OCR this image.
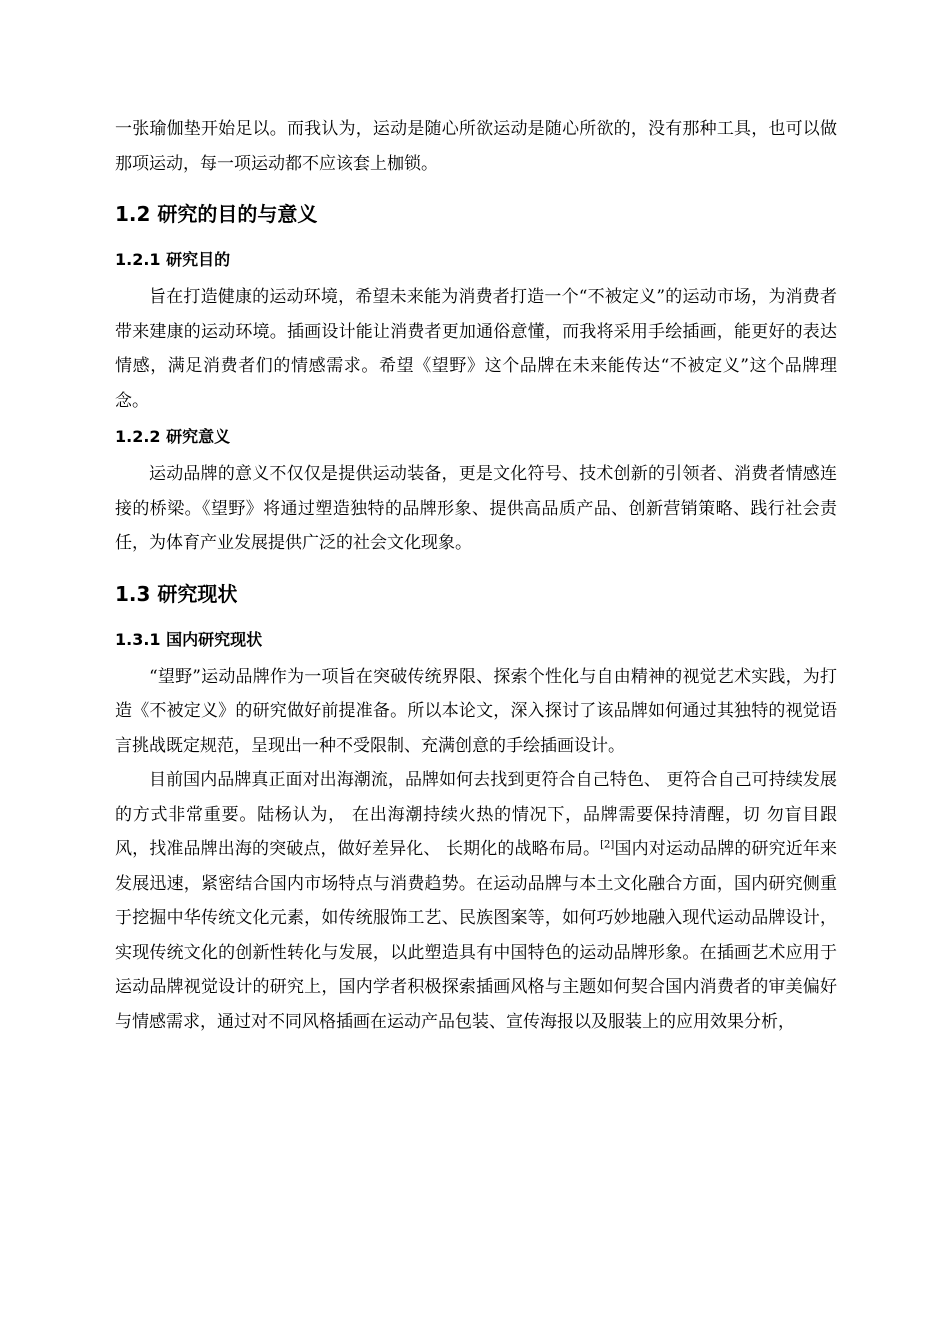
一张瑜伽垫开始足以。而我认为，运动是随心所欲运动是随心所欲的，没有那种工具，也可以做那项运动，每一项运动都不应该套上枷锁。

1.2 研究的目的与意义
1.2.1 研究目的

旨在打造健康的运动环境，希望未来能为消费者打造一个“不被定义”的运动市场，为消费者带来建康的运动环境。插画设计能让消费者更加通俗意懂，而我将采用手绘插画，能更好的表达情感，满足消费者们的情感需求。希望《望野》这个品牌在未来能传达“不被定义”这个品牌理念。

1.2.2 研究意义

运动品牌的意义不仅仅是提供运动装备，更是文化符号、技术创新的引领者、消费者情感连接的桥梁。《望野》将通过塑造独特的品牌形象、提供高品质产品、创新营销策略、践行社会责任，为体育产业发展提供广泛的社会文化现象。

1.3 研究现状
1.3.1 国内研究现状

“望野”运动品牌作为一项旨在突破传统界限、探索个性化与自由精神的视觉艺术实践，为打造《不被定义》的研究做好前提准备。所以本论文，深入探讨了该品牌如何通过其独特的视觉语言挑战既定规范，呈现出一种不受限制、充满创意的手绘插画设计。

目前国内品牌真正面对出海潮流，品牌如何去找到更符合自己特色、 更符合自己可持续发展的方式非常重要。陆杨认为， 在出海潮持续火热的情况下，品牌需要保持清醒，切 勿盲目跟风，找准品牌出海的突破点，做好差异化、 长期化的战略布局。[2]国内对运动品牌的研究近年来发展迅速，紧密结合国内市场特点与消费趋势。在运动品牌与本土文化融合方面，国内研究侧重于挖掘中华传统文化元素，如传统服饰工艺、民族图案等，如何巧妙地融入现代运动品牌设计，实现传统文化的创新性转化与发展，以此塑造具有中国特色的运动品牌形象。在插画艺术应用于运动品牌视觉设计的研究上，国内学者积极探索插画风格与主题如何契合国内消费者的审美偏好与情感需求，通过对不同风格插画在运动产品包装、宣传海报以及服装上的应用效果分析，
